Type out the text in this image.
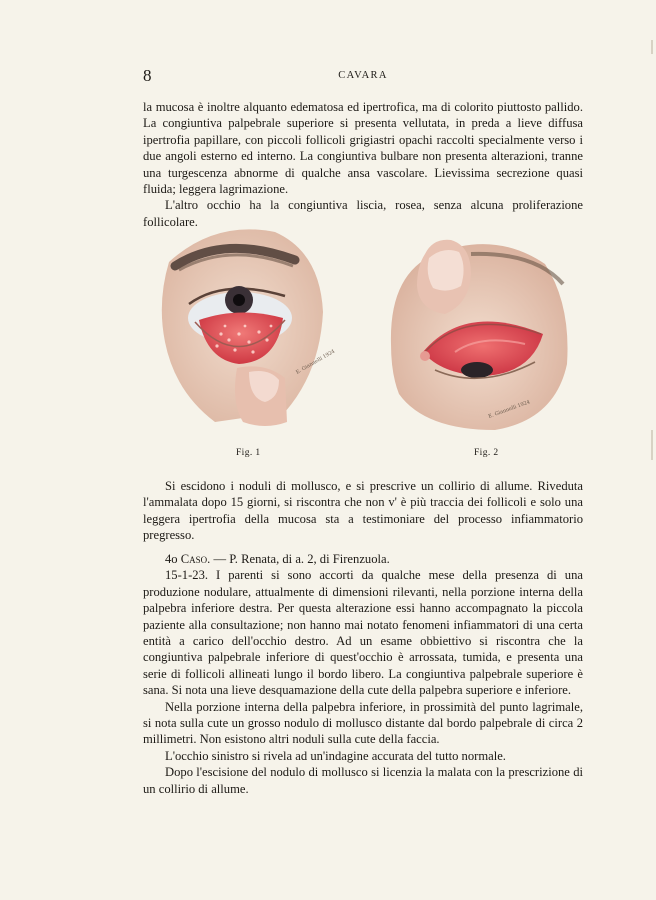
8	CAVARA

la mucosa è inoltre alquanto edematosa ed ipertrofica, ma di colorito piuttosto pallido. La congiuntiva palpebrale superiore si presenta vellutata, in preda a lieve diffusa ipertrofia papillare, con piccoli follicoli grigiastri opachi raccolti specialmente verso i due angoli esterno ed interno. La congiuntiva bulbare non presenta alterazioni, tranne una turgescenza abnorme di qualche ansa vascolare. Lievissima secrezione quasi fluida; leggera lagrimazione.

L'altro occhio ha la congiuntiva liscia, rosea, senza alcuna proliferazione follicolare.

E. Giannelli 1924
Fig. 1
E. Giannelli 1924
Fig. 2

Si escidono i noduli di mollusco, e si prescrive un collirio di allume. Riveduta l'ammalata dopo 15 giorni, si riscontra che non v' è più traccia dei follicoli e solo una leggera ipertrofia della mucosa sta a testimoniare del processo infiammatorio pregresso.

4o Caso. — P. Renata, di a. 2, di Firenzuola.

15-1-23. I parenti si sono accorti da qualche mese della presenza di una produzione nodulare, attualmente di dimensioni rilevanti, nella porzione interna della palpebra inferiore destra. Per questa alterazione essi hanno accompagnato la piccola paziente alla consultazione; non hanno mai notato fenomeni infiammatori di una certa entità a carico dell'occhio destro. Ad un esame obbiettivo si riscontra che la congiuntiva palpebrale inferiore di quest'occhio è arrossata, tumida, e presenta una serie di follicoli allineati lungo il bordo libero. La congiuntiva palpebrale superiore è sana. Si nota una lieve desquamazione della cute della palpebra superiore e inferiore.

Nella porzione interna della palpebra inferiore, in prossimità del punto lagrimale, si nota sulla cute un grosso nodulo di mollusco distante dal bordo palpebrale di circa 2 millimetri. Non esistono altri noduli sulla cute della faccia.

L'occhio sinistro si rivela ad un'indagine accurata del tutto normale.

Dopo l'escisione del nodulo di mollusco si licenzia la malata con la prescrizione di un collirio di allume.
